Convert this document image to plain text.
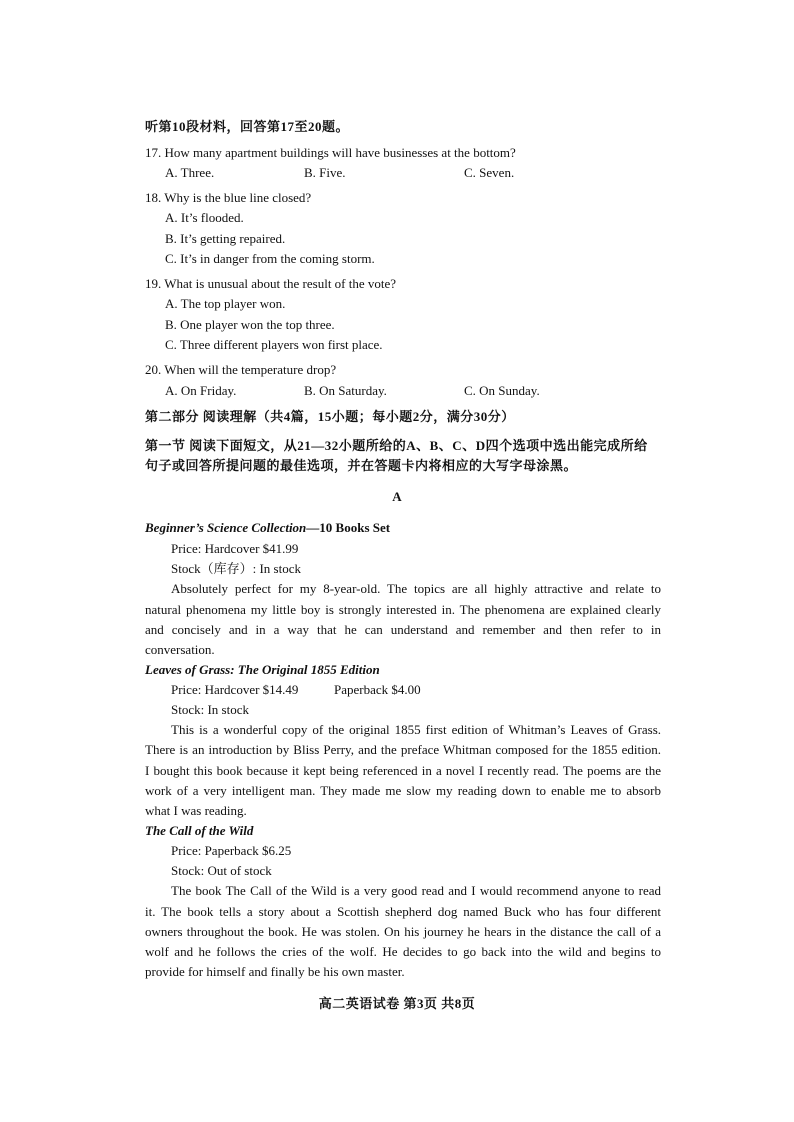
听第10段材料，回答第17至20题。
17. How many apartment buildings will have businesses at the bottom?
A. Three.	B. Five.	C. Seven.
18. Why is the blue line closed?
A. It’s flooded.
B. It’s getting repaired.
C. It’s in danger from the coming storm.
19. What is unusual about the result of the vote?
A. The top player won.
B. One player won the top three.
C. Three different players won first place.
20. When will the temperature drop?
A. On Friday.	B. On Saturday.	C. On Sunday.
第二部分 阅读理解（共4篇，15小题；每小题2分，满分30分）
第一节 阅读下面短文，从21—32小题所给的A、B、C、D四个选项中选出能完成所给
句子或回答所提问题的最佳选项，并在答题卡内将相应的大写字母涂黑。
A
Beginner’s Science Collection—10 Books Set
Price: Hardcover $41.99
Stock（库存）: In stock
Absolutely perfect for my 8-year-old. The topics are all highly attractive and relate to
natural phenomena my little boy is strongly interested in. The phenomena are explained clearly
and concisely and in a way that he can understand and remember and then refer to in
conversation.
Leaves of Grass: The Original 1855 Edition
Price: Hardcover $14.49	Paperback $4.00
Stock: In stock
This is a wonderful copy of the original 1855 first edition of Whitman’s Leaves of Grass.
There is an introduction by Bliss Perry, and the preface Whitman composed for the 1855 edition.
I bought this book because it kept being referenced in a novel I recently read. The poems are the
work of a very intelligent man. They made me slow my reading down to enable me to absorb
what I was reading.
The Call of the Wild
Price: Paperback $6.25
Stock: Out of stock
The book The Call of the Wild is a very good read and I would recommend anyone to read
it. The book tells a story about a Scottish shepherd dog named Buck who has four different
owners throughout the book. He was stolen. On his journey he hears in the distance the call of a
wolf and he follows the cries of the wolf. He decides to go back into the wild and begins to
provide for himself and finally be his own master.
高二英语试卷 第3页 共8页
